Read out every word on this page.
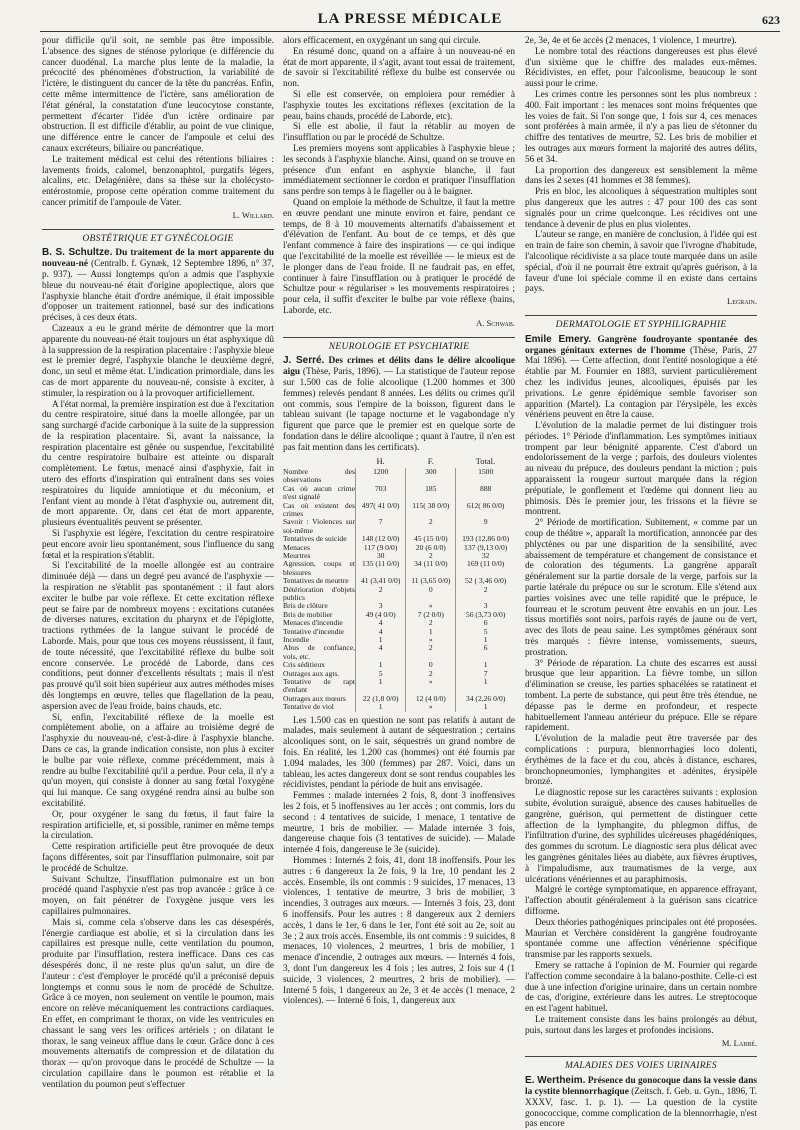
LA PRESSE MÉDICALE	623

pour difficile qu'il soit, ne semble pas être impossible. L'absence des signes de sténose pylorique (e différencie du cancer duodénal. La marche plus lente de la maladie, la précocité des phénomènes d'obstruction, la variabilité de l'ictère, le distinguent du cancer de la tête du pancréas. Enfin, cette même intermittence de l'ictère, sans amélioration de l'état général, la constatation d'une leucocytose constante, permettent d'écarter l'idée d'un ictère ordinaire par obstruction. Il est difficile d'établir, au point de vue clinique, une différence entre le cancer de l'ampoule et celui des canaux excréteurs, biliaire ou pancréatique.

Le traitement médical est celui des rétentions biliaires : lavements froids, calomel, benzonaphtol, purgatifs légers, alcalins, etc. Delagénière, dans sa thèse sur la cholécysto-entérostomie, propose cette opération comme traitement du cancer primitif de l'ampoule de Vater.

L. Willard.
OBSTÉTRIQUE ET GYNÉCOLOGIE

B. S. Schultze. Du traitement de la mort apparente du nouveau-né (Centralb. f. Gynæk, 12 Septembre 1896, n° 37, p. 937). — Aussi longtemps qu'on a admis que l'asphyxie bleue du nouveau-né était d'origine apoplectique, alors que l'asphyxie blanche était d'ordre anémique, il était impossible d'opposer un traitement rationnel, basé sur des indications précises, à ces deux états.

Cazeaux a eu le grand mérite de démontrer que la mort apparente du nouveau-né était toujours un état asphyxique dû à la suppression de la respiration placentaire : l'asphyxie bleue est le premier degré, l'asphyxie blanche le deuxième degré, donc, un seul et même état. L'indication primordiale, dans les cas de mort apparente du nouveau-né, consiste à exciter, à stimuler, la respiration ou à la provoquer artificiellement.

A l'état normal, la première inspiration est due à l'excitation du centre respiratoire, situé dans la moelle allongée, par un sang surchargé d'acide carbonique à la suite de la suppression de la respiration placentaire. Si, avant la naissance, la respiration placentaire est gênée ou suspendue, l'excitabilité du centre respiratoire bulbaire est atteinte ou disparaît complètement. Le fœtus, menacé ainsi d'asphyxie, fait in utero des efforts d'inspiration qui entraînent dans ses voies respiratoires du liquide amniotique et du méconium, et l'enfant vient au monde à l'état d'asphyxie ou, autrement dit, de mort apparente. Or, dans cet état de mort apparente, plusieurs éventualités peuvent se présenter.

Si l'asphyxie est légère, l'excitation du centre respiratoire peut encore avoir lieu spontanément, sous l'influence du sang fœtal et la respiration s'établit.

Si l'excitabilité de la moelle allongée est au contraire diminuée déjà — dans un degré peu avancé de l'asphyxie — la respiration ne s'établit pas spontanément : il faut alors exciter le bulbe par voie réflexe. Et cette excitation réflexe peut se faire par de nombreux moyens : excitations cutanées de diverses natures, excitation du pharynx et de l'épiglotte, tractions rythmées de la langue suivant le procédé de Laborde. Mais, pour que tous ces moyens réussissent, il faut, de toute nécessité, que l'excitabilité réflexe du bulbe soit encore conservée. Le procédé de Laborde, dans ces conditions, peut donner d'excellents résultats ; mais il n'est pas prouvé qu'il soit bien supérieur aux autres méthodes mises dès longtemps en œuvre, telles que flagellation de la peau, aspersion avec de l'eau froide, bains chauds, etc.

Si, enfin, l'excitabilité réflexe de la moelle est complètement abolie, on a affaire au troisième degré de l'asphyxie du nouveau-né, c'est-à-dire à l'asphyxie blanche. Dans ce cas, la grande indication consiste, non plus à exciter le bulbe par voie réflexe, comme précédemment, mais à rendre au bulbe l'excitabilité qu'il a perdue. Pour cela, il n'y a qu'un moyen, qui consiste à donner au sang fœtal l'oxygène qui lui manque. Ce sang oxygéné rendra ainsi au bulbe son excitabilité.

Or, pour oxygéner le sang du fœtus, il faut faire la respiration artificielle, et, si possible, ranimer en même temps la circulation.

Cette respiration artificielle peut être provoquée de deux façons différentes, soit par l'insufflation pulmonaire, soit par le procédé de Schultze.

Suivant Schultze, l'insufflation pulmonaire est un bon procédé quand l'asphyxie n'est pas trop avancée : grâce à ce moyen, on fait pénétrer de l'oxygène jusque vers les capillaires pulmonaires.

Mais si, comme cela s'observe dans les cas désespérés, l'énergie cardiaque est abolie, et si la circulation dans les capillaires est presque nulle, cette ventilation du poumon, produite par l'insufflation, restera inefficace. Dans ces cas désespérés donc, il ne reste plus qu'un salut, un dire de l'auteur : c'est d'employer le procédé qu'il a préconisé depuis longtemps et connu sous le nom de procédé de Schultze. Grâce à ce moyen, non seulement on ventile le poumon, mais encore on relève mécaniquement les contractions cardiaques. En effet, en comprimant le thorax, on vide les ventricules en chassant le sang vers les orifices artériels ; on dilatant le thorax, le sang veineux afflue dans le cœur. Grâce donc à ces mouvements alternatifs de compression et de dilatation du thorax — qu'on provoque dans le procédé de Schultze — la circulation capillaire dans le poumon est rétablie et la ventilation du poumon peut s'effectuer

alors efficacement, en oxygénant un sang qui circule.

En résumé donc, quand on a affaire à un nouveau-né en état de mort apparente, il s'agit, avant tout essai de traitement, de savoir si l'excitabilité réflexe du bulbe est conservée ou non.

Si elle est conservée, on emploiera pour remédier à l'asphyxie toutes les excitations réflexes (excitation de la peau, bains chauds, procédé de Laborde, etc).

Si elle est abolie, il faut la rétablir au moyen de l'insufflation ou par le procédé de Schultze.

Les premiers moyens sont applicables à l'asphyxie bleue ; les seconds à l'asphyxie blanche. Ainsi, quand on se trouve en présence d'un enfant en asphyxie blanche, il faut immédiatement sectionner le cordon et pratiquer l'insufflation sans perdre son temps à le flageller ou à le baigner.

Quand on emploie la méthode de Schultze, il faut la mettre en œuvre pendant une minute environ et faire, pendant ce temps, de 8 à 10 mouvements alternatifs d'abaissement et d'élévation de l'enfant. Au bout de ce temps, et dès que l'enfant commence à faire des inspirations — ce qui indique que l'excitabilité de la moelle est réveillée — le mieux est de le plonger dans de l'eau froide. Il ne faudrait pas, en effet, continuer à faire l'insufflation ou à pratiquer le procédé de Schultze pour « régulariser » les mouvements respiratoires ; pour cela, il suffit d'exciter le bulbe par voie réflexe (bains, Laborde, etc.

A. Schwab.
NEUROLOGIE ET PSYCHIATRIE

J. Serré. Des crimes et délits dans le délire alcoolique aigu (Thèse, Paris, 1896). — La statistique de l'auteur repose sur 1.500 cas de folie alcoolique (1.200 hommes et 300 femmes) relevés pendant 8 années. Les délits ou crimes qu'il ont commis, sous l'empire de la boisson, figurent dans le tableau suivant (le tapage nocturne et le vagabondage n'y figurent que parce que le premier est en quelque sorte de fondation dans le délire alcoolique ; quant à l'autre, il n'en est pas fait mention dans les certificats).

	H.	F.	Total.
Nombre des observations	1200	300	1500
Cas où aucun crime n'est signalé	703	185	888
Cas où existent des crimes	497( 41 0/0)	115( 38 0/0)	612( 86 0/0)
Savoir : Violences sur soi-même	7	2	9
Tentatives de suicide	148 (12 0/0)	45 (15 0/0)	193 (12,86 0/0)
Menaces	117 (9 0/0)	20 (6 0/0)	137 (9,13 0/0)
Meurtres	30	2	32
Agression, coups et blessures	135 (11 0/0)	34 (11 0/0)	169 (11 0/0)
Tentatives de meurtre	41 (3,41 0/0)	11 (3,65 0/0)	52 ( 3,46 0/0)
Détérioration d'objets publics	2	0	2
Bris de clôture	3	»	3
Bris de mobilier	49 (4 0/0)	7 (2 0/0)	56 (3,73 0/0)
Menaces d'incendie	4	2	6
Tentative d'incendie	4	1	5
Incendie	1	»	1
Abus de confiance, vols, etc.	4	2	6
Cris séditieux	1	0	1
Outrages aux agts.	5	2	7
Tentative de rapt d'enfant	1	»	1
Outrages aux mœurs	22 (1,8 0/0)	12 (4 0/0)	34 (2,26 0/0)
Tentative de viol	1	»	1

Les 1.500 cas en question ne sont pas relatifs à autant de malades, mais seulement à autant de séquestration ; certains alcooliques sont, on le sait, séquestrés un grand nombre de fois. En réalité, les 1.200 cas (hommes) ont été fournis par 1.094 malades, les 300 (femmes) par 287. Voici, dans un tableau, les actes dangereux dont se sont rendus coupables les récidivistes, pendant la période de huit ans envisagée.

Femmes : malade internées 2 fois, 8, dont 3 inoffensives les 2 fois, et 5 inoffensives au 1er accès ; ont commis, lors du second : 4 tentatives de suicide, 1 menace, 1 tentative de meurtre, 1 bris de mobilier. — Malade internée 3 fois, dangereuse chaque fois (3 tentatives de suicide). — Malade internée 4 fois, dangereuse le 3e (suicide).

Hommes : Internés 2 fois, 41, dont 18 inoffensifs. Pour les autres : 6 dangereux la 2e fois, 9 la 1re, 10 pendant les 2 accès. Ensemble, ils ont commis : 9 suicides, 17 menaces, 13 violences, 1 tentative de meurtre, 3 bris de mobilier, 3 incendies, 3 outrages aux mœurs. — Internés 3 fois, 23, dont 6 inoffensifs. Pour les autres : 8 dangereux aux 2 derniers accès, 1 dans le 1er, 6 dans le 1er, l'ont été soit au 2e, soit au 3e ; 2 aux trois accès. Ensemble, ils ont commis : 9 suicides, 8 menaces, 10 violences, 2 meurtres, 1 bris de mobilier, 1 menace d'incendie, 2 outrages aux mœurs. — Internés 4 fois, 3, dont l'un dangereux les 4 fois ; les autres, 2 fois sur 4 (1 suicide, 3 violences, 2 meurtres, 2 bris de mobilier). — Interné 5 fois, 1 dangereux au 2e, 3 et 4e accès (1 menace, 2 violences). — Interné 6 fois, 1, dangereux aux

2e, 3e, 4e et 6e accès (2 menaces, 1 violence, 1 meurtre).

Le nombre total des réactions dangereuses est plus élevé d'un sixième que le chiffre des malades eux-mêmes. Récidivistes, en effet, pour l'alcoolisme, beaucoup le sont aussi pour le crime.

Les crimes contre les personnes sont les plus nombreux : 400. Fait important : les menaces sont moins fréquentes que les voies de fait. Si l'on songe que, 1 fois sur 4, ces menaces sont proférées à main armée, il n'y a pas lieu de s'étonner du chiffre des tentatives de meurtre, 52. Les bris de mobilier et les outrages aux mœurs forment la majorité des autres délits, 56 et 34.

La proportion des dangereux est sensiblement la même dans les 2 sexes (41 hommes et 38 femmes).

Pris en bloc, les alcooliques à séquestration multiples sont plus dangereux que les autres : 47 pour 100 des cas sont signalés pour un crime quelconque. Les récidives ont une tendance à devenir de plus en plus violentes.

L'auteur se range, en manière de conclusion, à l'idée qui est en train de faire son chemin, à savoir que l'ivrogne d'habitude, l'alcoolique récidiviste a sa place toute marquée dans un asile spécial, d'où il ne pourrait être extrait qu'après guérison, à la faveur d'une loi spéciale comme il en existe dans certains pays.

Legrain.
DERMATOLOGIE ET SYPHILIGRAPHIE

Emile Emery. Gangrène foudroyante spontanée des organes génitaux externes de l'homme (Thèse, Paris, 27 Mai 1896). — Cette affection, dont l'entité nosologique a été établie par M. Fournier en 1883, survient particulièrement chez les individus jeunes, alcooliques, épuisés par les privations. Le genre épidémique semble favoriser son apparition (Martel). La contagion par l'érysipèle, les excès vénériens peuvent en être la cause.

L'évolution de la maladie permet de lui distinguer trois périodes. 1° Période d'inflammation. Les symptômes initiaux trompent par leur bénignité apparente. C'est d'abord un endolorissement de la verge ; parfois, des douleurs violentes au niveau du prépuce, des douleurs pendant la miction ; puis apparaissent la rougeur surtout marquée dans la région préputiale, le gonflement et l'œdème qui donnent lieu au phimosis. Dès le premier jour, les frissons et la fièvre se montrent.

2° Période de mortification. Subitement, « comme par un coup de théâtre », apparaît la mortification, annoncée par des phlyctènes ou par une disparition de la sensibilité, avec abaissement de température et changement de consistance et de coloration des téguments. La gangrène apparaît généralement sur la partie dorsale de la verge, parfois sur la partie latérale du prépuce ou sur le scrotum. Elle s'étend aux parties voisines avec une telle rapidité que le prépuce, le fourreau et le scrotum peuvent être envahis en un jour. Les tissus mortifiés sont noirs, parfois rayés de jaune ou de vert, avec des îlots de peau saine. Les symptômes généraux sont très marqués : fièvre intense, vomissements, sueurs, prostration.

3° Période de réparation. La chute des escarres est aussi brusque que leur apparition. La fièvre tombe, un sillon d'élimination se creuse, les parties sphacélées se ratatinent et tombent. La perte de substance, qui peut être très étendue, ne dépasse pas le derme en profondeur, et respecte habituellement l'anneau antérieur du prépuce. Elle se répare rapidement.

L'évolution de la maladie peut être traversée par des complications : purpura, blennorrhagies loco dolenti, érythèmes de la face et du cou, abcès à distance, eschares, bronchopneumonies, lymphangites et adénites, érysipèle bronzé.

Le diagnostic repose sur les caractères suivants : explosion subite, évolution suraiguë, absence des causes habituelles de gangrène, guérison, qui permettent de distinguer cette affection de la lymphangite, du phlegmon diffus, de l'infiltration d'urine, des syphilides ulcéreuses phagédéniques, des gommes du scrotum. Le diagnostic sera plus délicat avec les gangrènes génitales liées au diabète, aux fièvres éruptives, à l'impaludisme, aux traumatismes de la verge, aux ulcérations vénériennes et au paraphimosis.

Malgré le cortège symptomatique, en apparence effrayant, l'affection aboutit généralement à la guérison sans cicatrice difforme.

Deux théories pathogéniques principales ont été proposées. Maurian et Verchère considèrent la gangrène foudroyante spontanée comme une affection vénérienne spécifique transmise par les rapports sexuels.

Emery se rattache à l'opinion de M. Fournier qui regarde l'affection comme secondaire à la balano-posthite. Celle-ci est due à une infection d'origine urinaire, dans un certain nombre de cas, d'origine, extérieure dans les autres. Le streptocoque en est l'agent habituel.

Le traitement consiste dans les bains prolongés au début, puis, surtout dans les larges et profondes incisions.

M. Labbé.
MALADIES DES VOIES URINAIRES

E. Wertheim. Présence du gonocoque dans la vessie dans la cystite blennorrhagique (Zeitsch. f. Geb. u. Gyn., 1896, T. XXXV, fasc. 1. p. 1). — La question de la cystite gonococcique, comme complication de la blennorrhagie, n'est pas encore
